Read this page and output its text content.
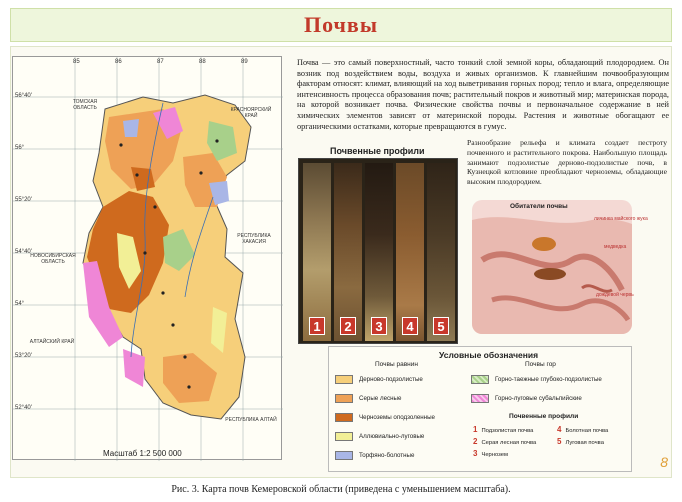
Почвы
85	86	87	88	89
56°40'
56°
55°20'
54°40'
54°
53°20'
52°40'
ТОМСКАЯ ОБЛАСТЬ	КРАСНОЯРСКИЙ КРАЙ
НОВОСИБИРСКАЯ ОБЛАСТЬ
РЕСПУБЛИКА ХАКАСИЯ
АЛТАЙСКИЙ КРАЙ
РЕСПУБЛИКА АЛТАЙ
Масштаб 1:2 500 000
Почва — это самый поверхностный, часто тонкий слой земной коры, обладающий плодородием. Он возник под воздействием воды, воздуха и живых организмов. К главнейшим почвообразующим факторам относят: климат, влияющий на ход выветривания горных пород; тепло и влага, определяющие интенсивность процесса образования почв; растительный покров и животный мир; материнская порода, на которой возникает почва. Физические свойства почвы и первоначальное содержание в ней химических элементов зависят от материнской породы. Растения и животные обогащают ее органическими остатками, которые превращаются в гумус.
Разнообразие рельефа и климата создает пестроту почвенного и растительного покрова. Наибольшую площадь занимают подзолистые дерново-подзолистые почв, в Кузнецкой котловине преобладают черноземы, обладающие высоким плодородием.
Почвенные профили
1	2	3	4	5
Обитатели почвы
личинка майского жука
медведка
дождевой червь
Условные обозначения
Почвы равнин	Почвы гор
Дерново-подзолистые
Серые лесные
Черноземы оподзоленные
Аллювиально-луговые
Торфяно-болотные
Горно-таежные глубоко-подзолистые
Горно-луговые субальпийские
Почвенные профили
1 Подзолистая почва
2 Серая лесная почва
3 Чернозем
4 Болотная почва
5 Луговая почва
8
Рис. 3. Карта почв Кемеровской области (приведена с уменьшением масштаба).
